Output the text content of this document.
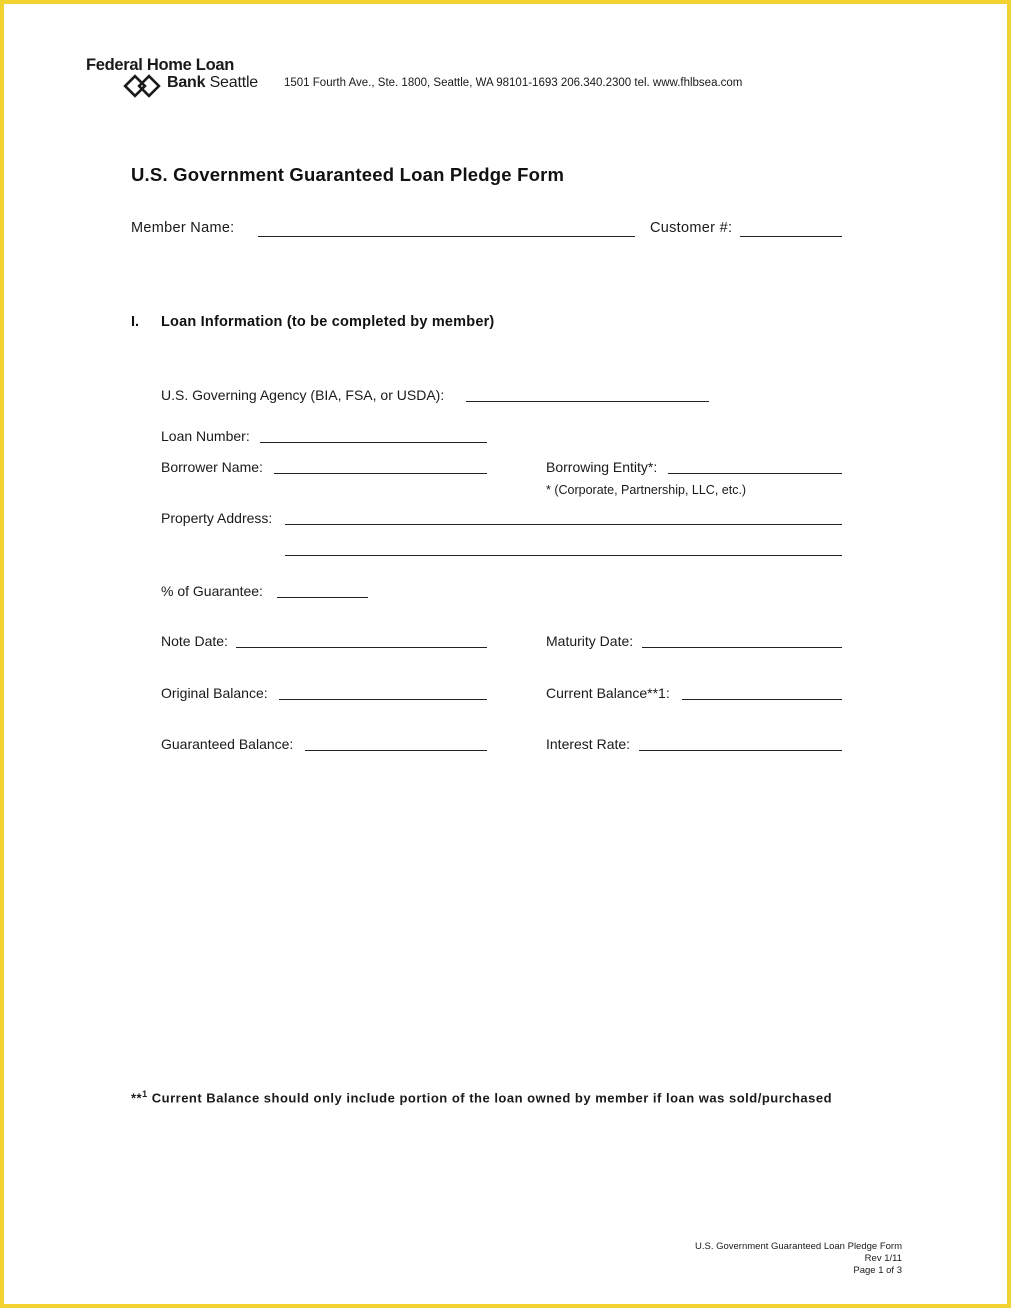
Federal Home Loan
Bank Seattle 1501 Fourth Ave., Ste. 1800, Seattle, WA 98101-1693 206.340.2300 tel. www.fhlbsea.com
U.S. Government Guaranteed Loan Pledge Form
Member Name:	Customer #:
I. Loan Information (to be completed by member)
U.S. Governing Agency (BIA, FSA, or USDA):
Loan Number:
Borrower Name:	Borrowing Entity*:
* (Corporate, Partnership, LLC, etc.)
Property Address:
% of Guarantee:
Note Date:	Maturity Date:
Original Balance:	Current Balance**1:
Guaranteed Balance:	Interest Rate:
**$^1$ Current Balance should only include portion of the loan owned by member if loan was sold/purchased
U.S. Government Guaranteed Loan Pledge Form
Rev 1/11
Page 1 of 3
